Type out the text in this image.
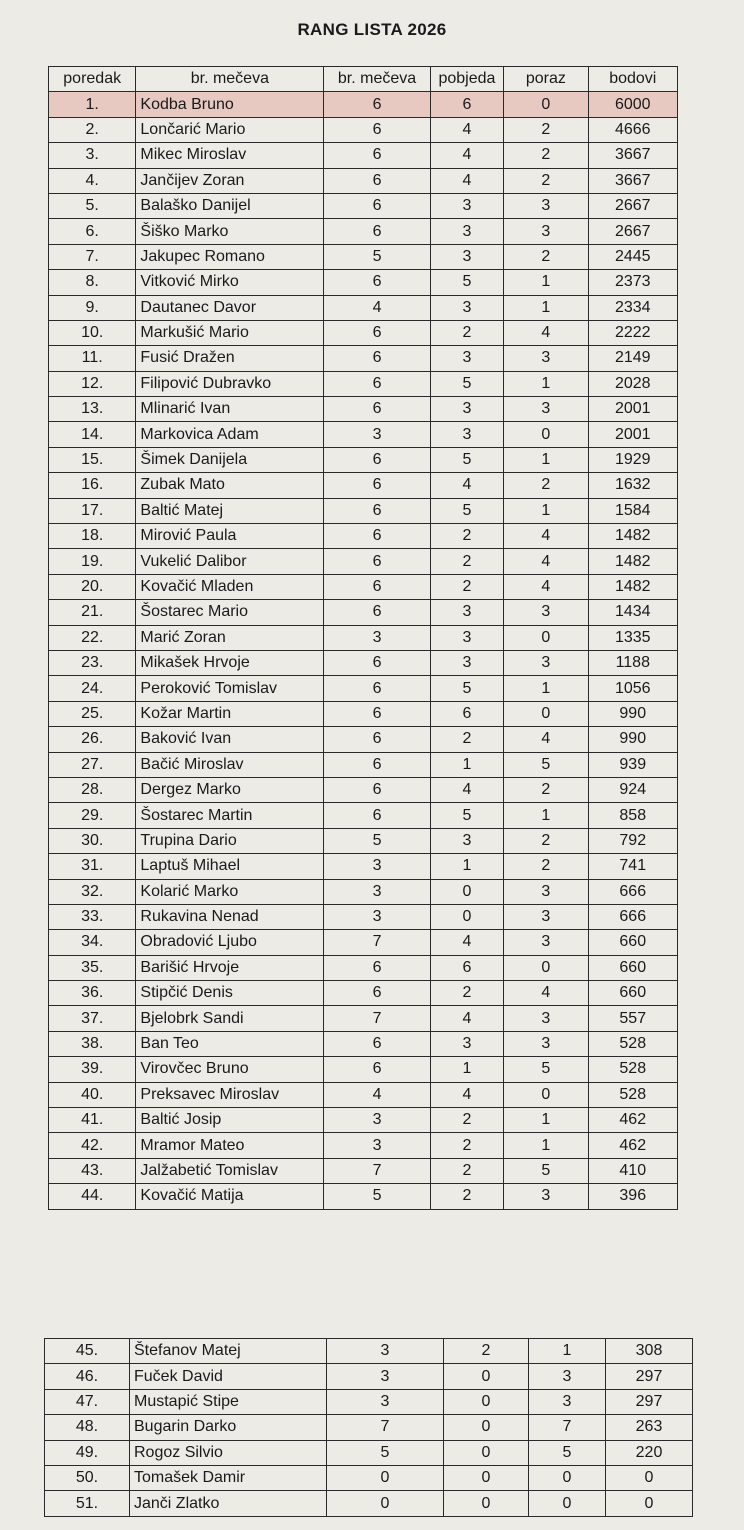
RANG LISTA 2026
poredak	br. mečeva	br. mečeva	pobjeda	poraz	bodovi
1.	Kodba Bruno	6	6	0	6000
2.	Lončarić Mario	6	4	2	4666
3.	Mikec Miroslav	6	4	2	3667
4.	Jančijev Zoran	6	4	2	3667
5.	Balaško Danijel	6	3	3	2667
6.	Šiško Marko	6	3	3	2667
7.	Jakupec Romano	5	3	2	2445
8.	Vitković Mirko	6	5	1	2373
9.	Dautanec Davor	4	3	1	2334
10.	Markušić Mario	6	2	4	2222
11.	Fusić Dražen	6	3	3	2149
12.	Filipović Dubravko	6	5	1	2028
13.	Mlinarić Ivan	6	3	3	2001
14.	Markovica Adam	3	3	0	2001
15.	Šimek Danijela	6	5	1	1929
16.	Zubak Mato	6	4	2	1632
17.	Baltić Matej	6	5	1	1584
18.	Mirović Paula	6	2	4	1482
19.	Vukelić Dalibor	6	2	4	1482
20.	Kovačić Mladen	6	2	4	1482
21.	Šostarec Mario	6	3	3	1434
22.	Marić Zoran	3	3	0	1335
23.	Mikašek Hrvoje	6	3	3	1188
24.	Peroković Tomislav	6	5	1	1056
25.	Kožar Martin	6	6	0	990
26.	Baković Ivan	6	2	4	990
27.	Bačić Miroslav	6	1	5	939
28.	Dergez Marko	6	4	2	924
29.	Šostarec Martin	6	5	1	858
30.	Trupina Dario	5	3	2	792
31.	Laptuš Mihael	3	1	2	741
32.	Kolarić Marko	3	0	3	666
33.	Rukavina Nenad	3	0	3	666
34.	Obradović Ljubo	7	4	3	660
35.	Barišić Hrvoje	6	6	0	660
36.	Stipčić Denis	6	2	4	660
37.	Bjelobrk Sandi	7	4	3	557
38.	Ban Teo	6	3	3	528
39.	Virovčec Bruno	6	1	5	528
40.	Preksavec Miroslav	4	4	0	528
41.	Baltić Josip	3	2	1	462
42.	Mramor Mateo	3	2	1	462
43.	Jalžabetić Tomislav	7	2	5	410
44.	Kovačić Matija	5	2	3	396
45.	Štefanov Matej	3	2	1	308
46.	Fuček David	3	0	3	297
47.	Mustapić Stipe	3	0	3	297
48.	Bugarin Darko	7	0	7	263
49.	Rogoz Silvio	5	0	5	220
50.	Tomašek Damir	0	0	0	0
51.	Janči Zlatko	0	0	0	0
